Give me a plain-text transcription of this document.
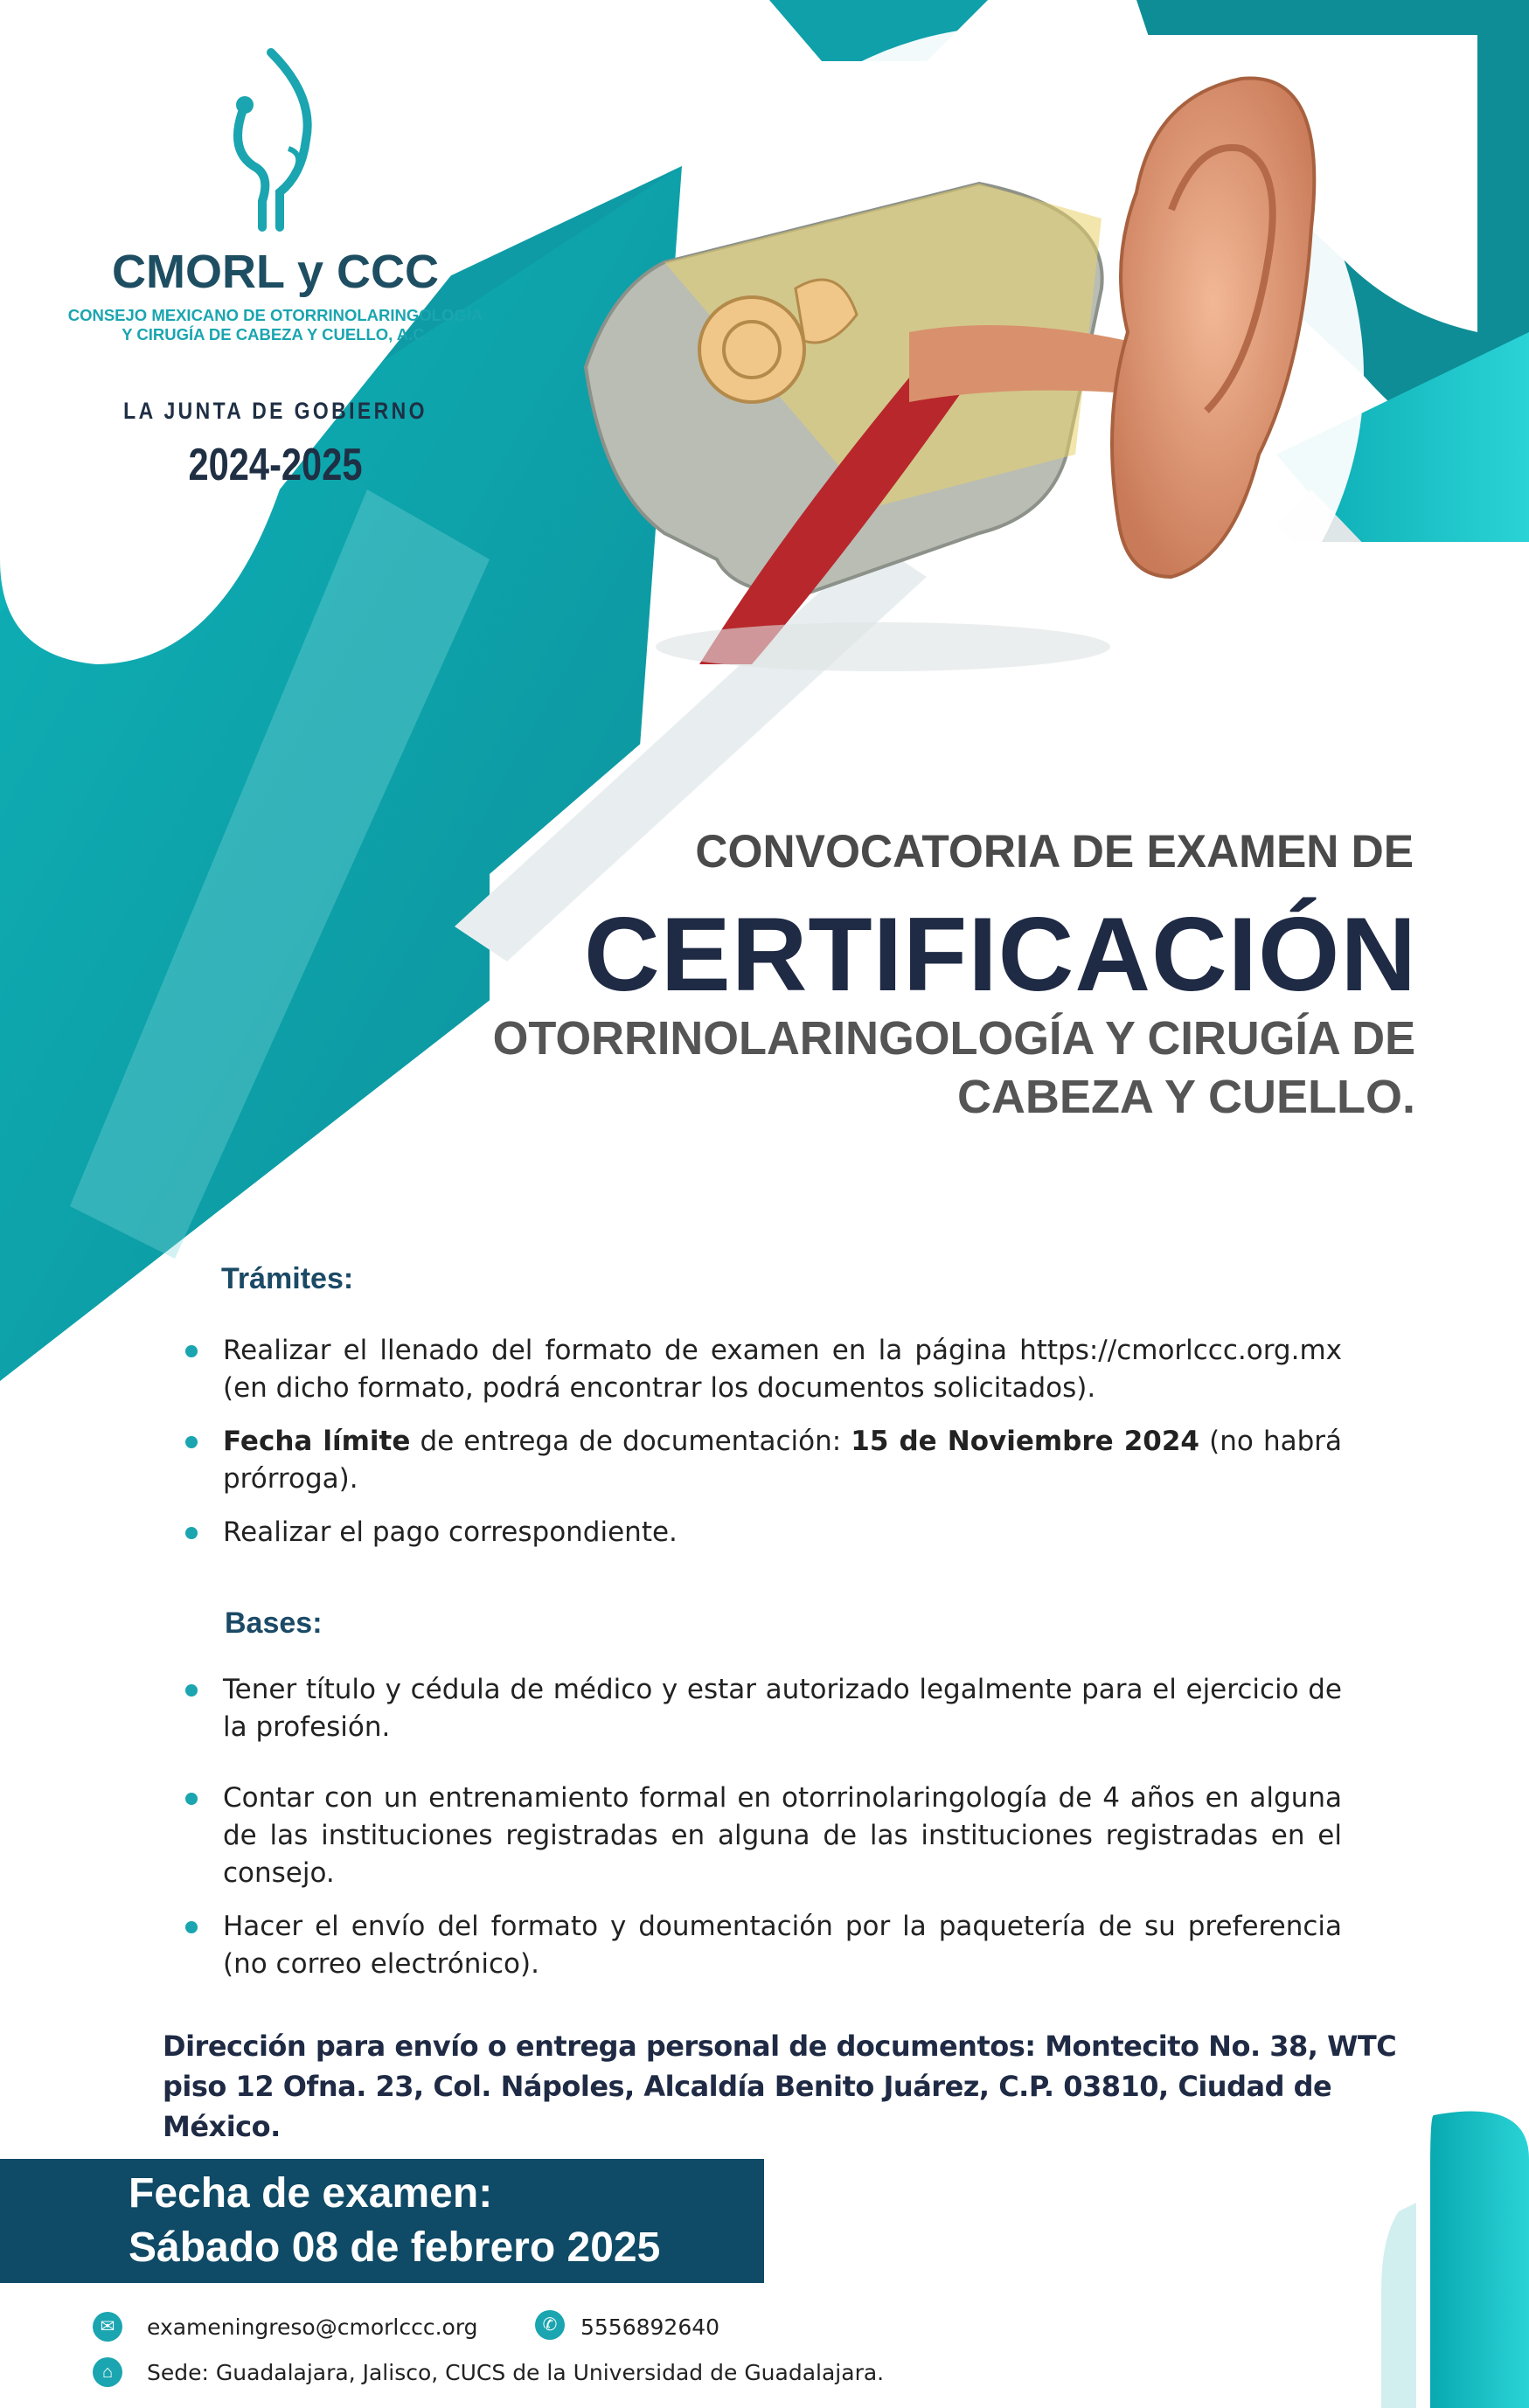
CMORL y CCC
CONSEJO MEXICANO DE OTORRINOLARINGOLOGÍA
Y CIRUGÍA DE CABEZA Y CUELLO, A.C.
LA JUNTA DE GOBIERNO
2024-2025
CONVOCATORIA DE EXAMEN DE
CERTIFICACIÓN
OTORRINOLARINGOLOGÍA Y CIRUGÍA DE
CABEZA Y CUELLO.
Trámites:
Realizar el llenado del formato de examen en la página https://cmorlccc.org.mx (en dicho formato, podrá encontrar los documentos solicitados).
Fecha límite de entrega de documentación: 15 de Noviembre 2024 (no habrá prórroga).
Realizar el pago correspondiente.
Bases:
Tener título y cédula de médico y estar autorizado legalmente para el ejercicio de la profesión.
Contar con un entrenamiento formal en otorrinolaringología de 4 años en alguna de las instituciones registradas en alguna de las instituciones registradas en el consejo.
Hacer el envío del formato y doumentación por la paquetería de su preferencia (no correo electrónico).
Dirección para envío o entrega personal de documentos: Montecito No. 38, WTC piso 12 Ofna. 23, Col. Nápoles, Alcaldía Benito Juárez, C.P. 03810, Ciudad de México.
Fecha de examen:
Sábado 08 de febrero 2025
✉	exameningreso@cmorlccc.org	✆	5556892640
⌂	Sede: Guadalajara, Jalisco, CUCS de la Universidad de Guadalajara.
